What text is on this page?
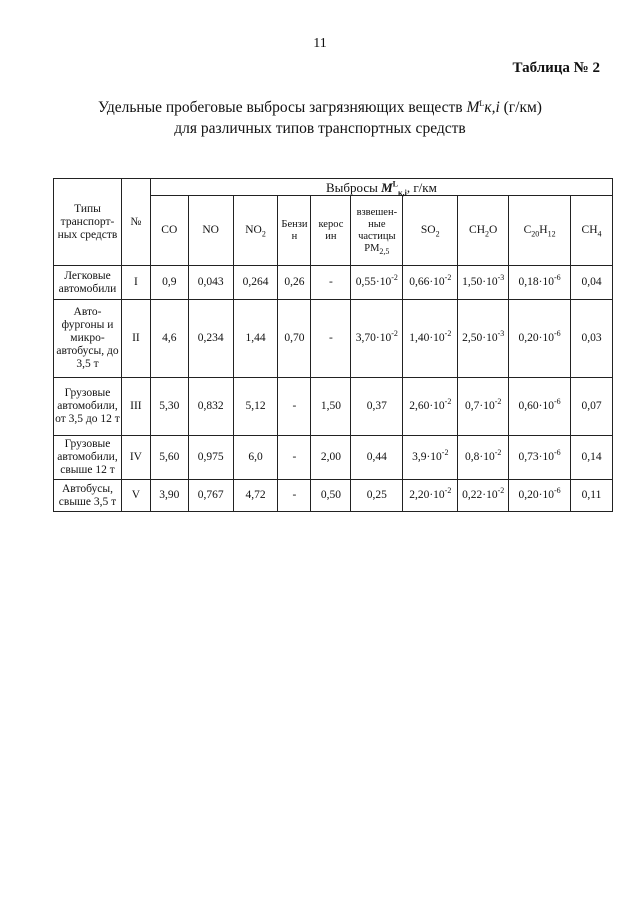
11
Таблица № 2
Удельные пробеговые выбросы загрязняющих веществ $M^Lк,i$ (г/км)
для различных типов транспортных средств
Типы транспорт-ных средств	№	Выбросы $M^L_{к,i}$, г/км									
		CO	NO	$NO_2$	Бензи н	керос ин	взвешен-ные частицы $PM_{2,5}$	$SO_2$	$CH_2O$	$C_{20}H_{12}$	$CH_4$
Легковые автомобили	I	0,9	0,043	0,264	0,26	-	$0,55\cdot 10^{-2}$	$0,66\cdot 10^{-2}$	$1,50\cdot 10^{-3}$	$0,18\cdot 10^{-6}$	0,04
Авто-фургоны и микро-автобусы, до 3,5 т	II	4,6	0,234	1,44	0,70	-	$3,70\cdot 10^{-2}$	$1,40\cdot 10^{-2}$	$2,50\cdot 10^{-3}$	$0,20\cdot 10^{-6}$	0,03
Грузовые автомобили, от 3,5 до 12 т	III	5,30	0,832	5,12	-	1,50	0,37	$2,60\cdot 10^{-2}$	$0,7\cdot 10^{-2}$	$0,60\cdot 10^{-6}$	0,07
Грузовые автомобили, свыше 12 т	IV	5,60	0,975	6,0	-	2,00	0,44	$3,9\cdot 10^{-2}$	$0,8\cdot 10^{-2}$	$0,73\cdot 10^{-6}$	0,14
Автобусы, свыше 3,5 т	V	3,90	0,767	4,72	-	0,50	0,25	$2,20\cdot 10^{-2}$	$0,22\cdot 10^{-2}$	$0,20\cdot 10^{-6}$	0,11
